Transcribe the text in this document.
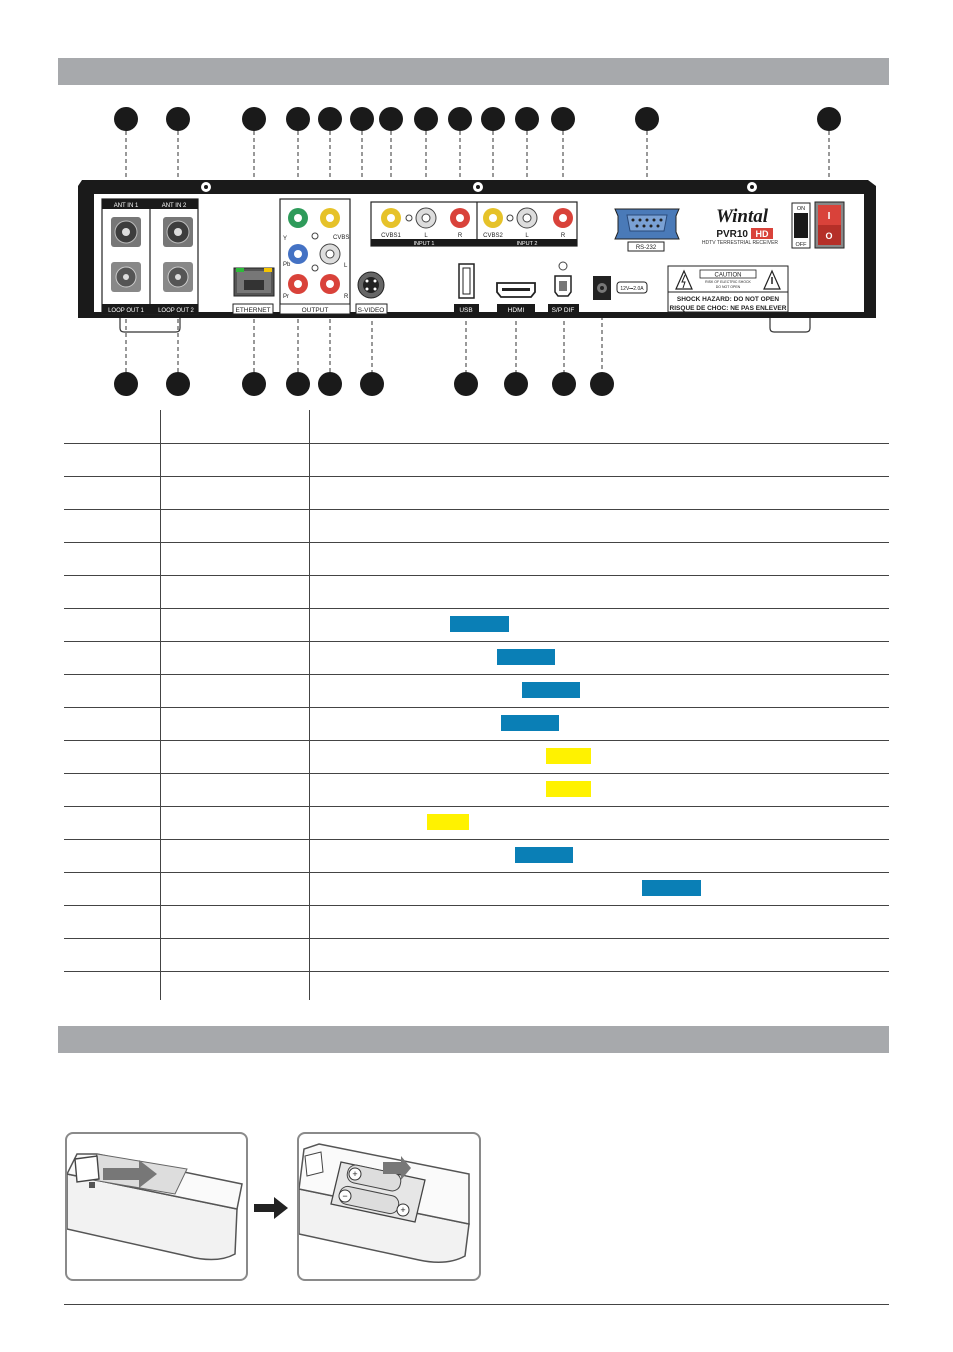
ANT IN 1	ANT IN 2
LOOP OUT 1 LOOP OUT 2	ETHERNET
Y
Pb
Pr
CVBS
L
R
OUTPUT	S-VIDEO
CVBS1	L	R	CVBS2	L	R
INPUT 1	INPUT 2
USB	HDMI	S/P DIF
12V⎓2.0A
RS-232
Wintal
PVR10 HD
HDTV TERRESTRIAL RECEIVER
ON
OFF
I
O
CAUTION
RISK OF ELECTRIC SHOCK
DO NOT OPEN
SHOCK HAZARD: DO NOT OPEN
RISQUE DE CHOC: NE PAS ENLEVER
+
−
+
